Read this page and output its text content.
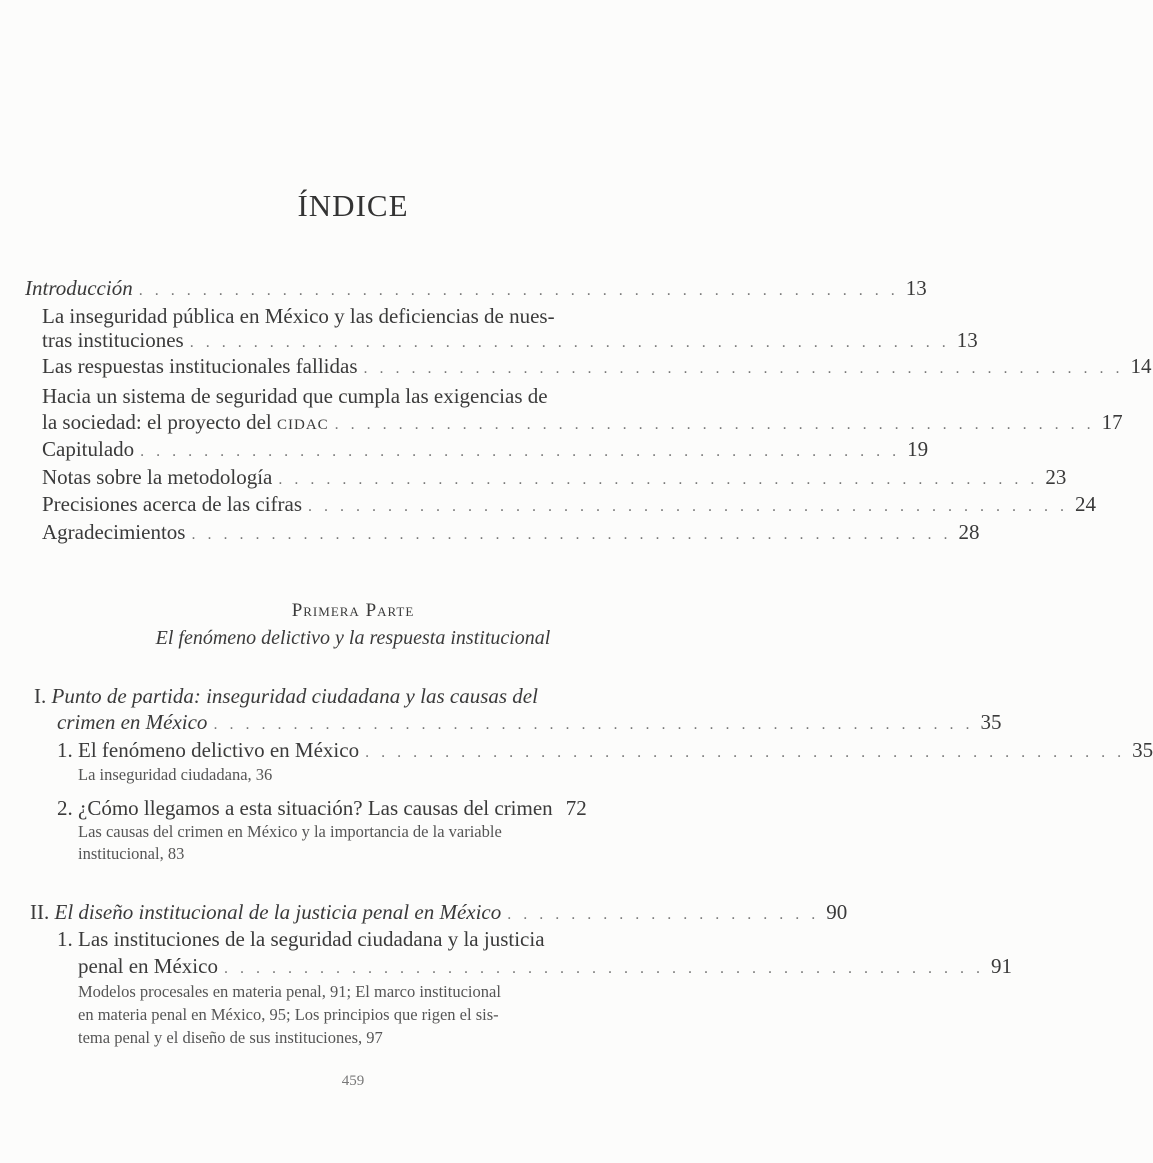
ÍNDICE
Introducción . . . . . . . . . . . . . . . . . . . . . . . . . . . . . . . . . . . . . . . . . . . . . . . . 13
La inseguridad pública en México y las deficiencias de nues-
tras instituciones . . . . . . . . . . . . . . . . . . . . . . . . . . . . . . . . . . . . . . . . . . . . . . . . 13
Las respuestas institucionales fallidas . . . . . . . . . . . . . . . . . . . . . . . . . . . . . . . . . . . . . . . . . . . . . . . . 14
Hacia un sistema de seguridad que cumpla las exigencias de
la sociedad: el proyecto del cidac . . . . . . . . . . . . . . . . . . . . . . . . . . . . . . . . . . . . . . . . . . . . . . . . 17
Capitulado . . . . . . . . . . . . . . . . . . . . . . . . . . . . . . . . . . . . . . . . . . . . . . . . 19
Notas sobre la metodología . . . . . . . . . . . . . . . . . . . . . . . . . . . . . . . . . . . . . . . . . . . . . . . . 23
Precisiones acerca de las cifras . . . . . . . . . . . . . . . . . . . . . . . . . . . . . . . . . . . . . . . . . . . . . . . . 24
Agradecimientos . . . . . . . . . . . . . . . . . . . . . . . . . . . . . . . . . . . . . . . . . . . . . . . . 28
Primera Parte
El fenómeno delictivo y la respuesta institucional
I. Punto de partida: inseguridad ciudadana y las causas del
crimen en México . . . . . . . . . . . . . . . . . . . . . . . . . . . . . . . . . . . . . . . . . . . . . . . . 35
1. El fenómeno delictivo en México . . . . . . . . . . . . . . . . . . . . . . . . . . . . . . . . . . . . . . . . . . . . . . . . 35
La inseguridad ciudadana, 36
2. ¿Cómo llegamos a esta situación? Las causas del crimen 72
Las causas del crimen en México y la importancia de la variable
institucional, 83
II. El diseño institucional de la justicia penal en México . . . . . . . . . . . . . . . . . . . . 90
1. Las instituciones de la seguridad ciudadana y la justicia
penal en México . . . . . . . . . . . . . . . . . . . . . . . . . . . . . . . . . . . . . . . . . . . . . . . . 91
Modelos procesales en materia penal, 91; El marco institucional
en materia penal en México, 95; Los principios que rigen el sis-
tema penal y el diseño de sus instituciones, 97
459
